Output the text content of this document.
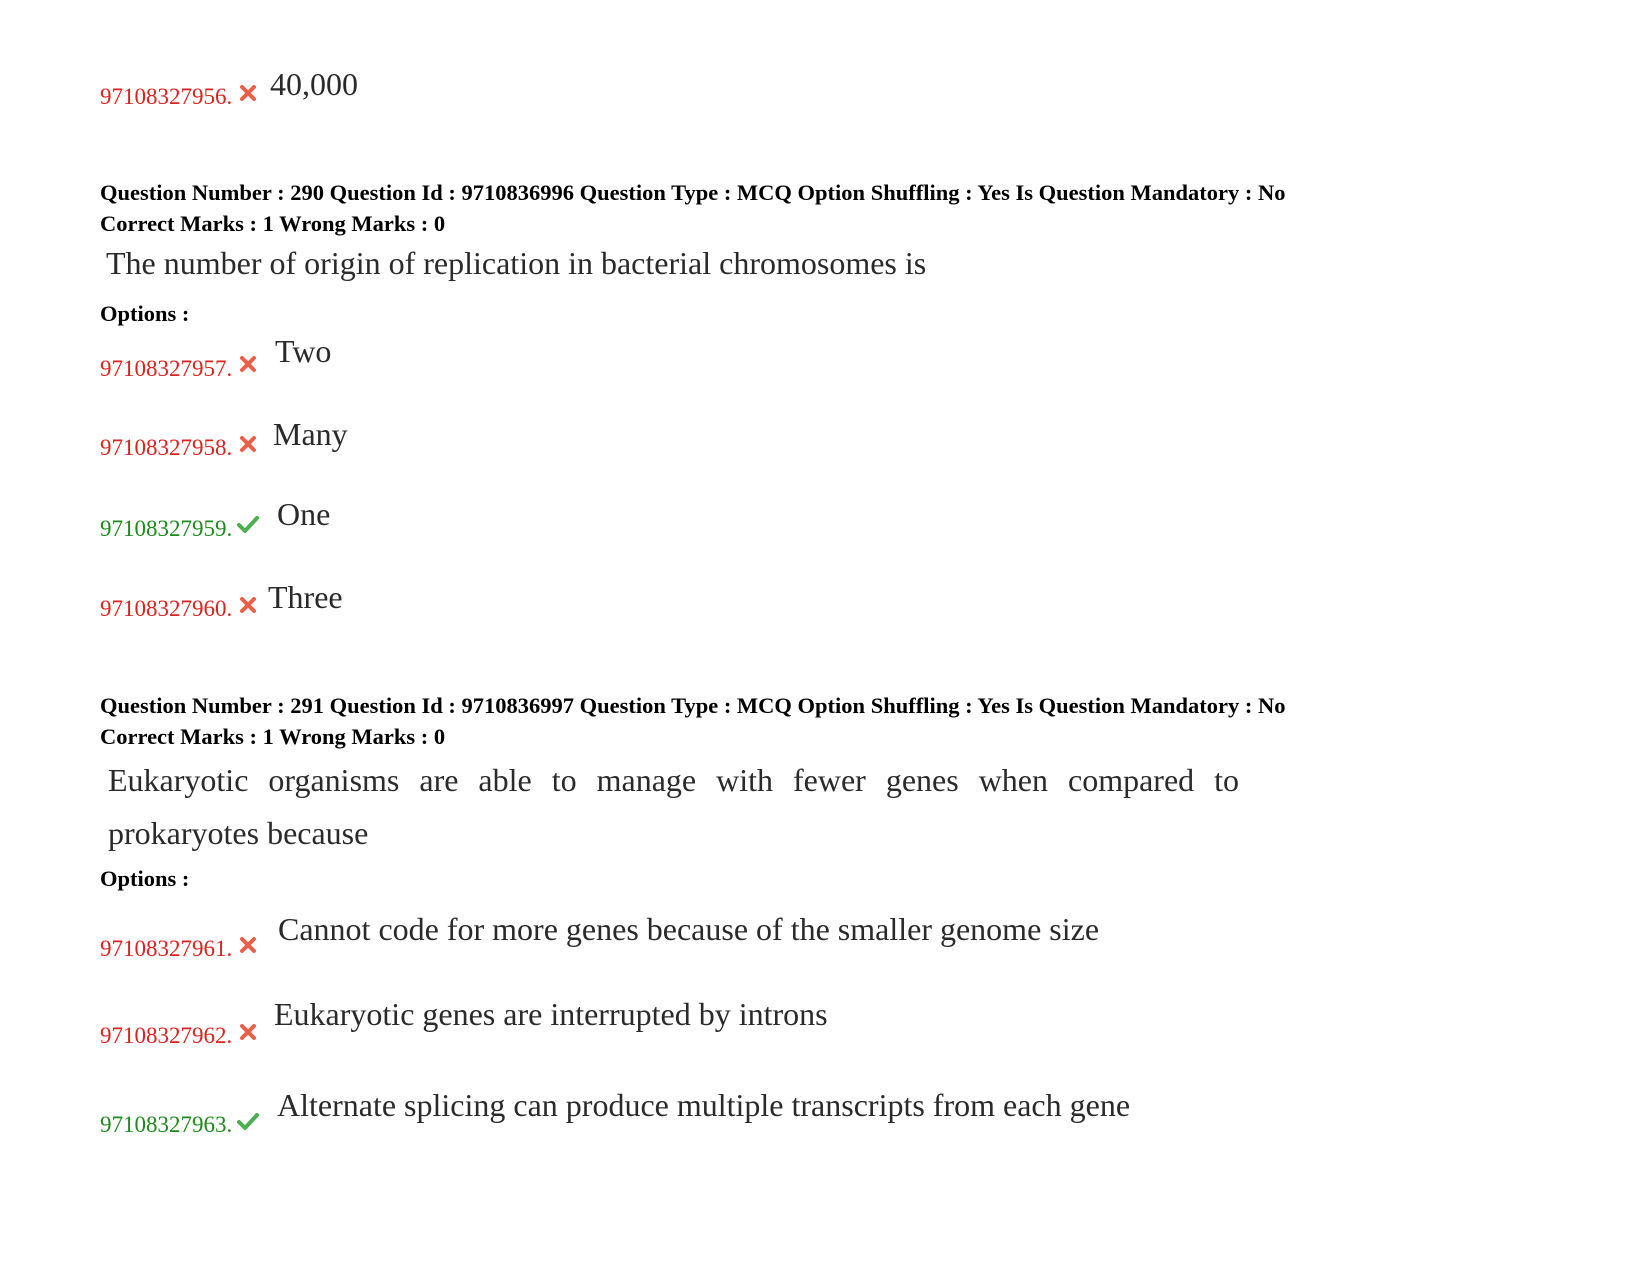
97108327956. 40,000
Question Number : 290 Question Id : 9710836996 Question Type : MCQ Option Shuffling : Yes Is Question Mandatory : No
Correct Marks : 1 Wrong Marks : 0
The number of origin of replication in bacterial chromosomes is
Options :
97108327957. Two
97108327958. Many
97108327959. One
97108327960. Three
Question Number : 291 Question Id : 9710836997 Question Type : MCQ Option Shuffling : Yes Is Question Mandatory : No
Correct Marks : 1 Wrong Marks : 0
Eukaryotic organisms are able to manage with fewer genes when compared to
prokaryotes because
Options :
97108327961.
Cannot code for more genes because of the smaller genome size
97108327962.
Eukaryotic genes are interrupted by introns
97108327963.
Alternate splicing can produce multiple transcripts from each gene
